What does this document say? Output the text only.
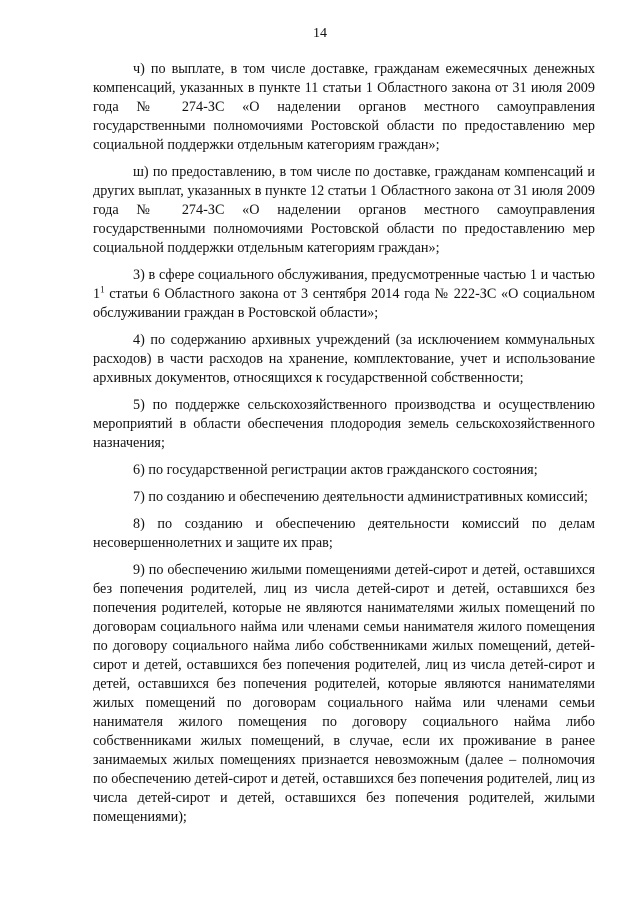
14

ч) по выплате, в том числе доставке, гражданам ежемесячных денежных компенсаций, указанных в пункте 11 статьи 1 Областного закона от 31 июля 2009 года № 274-ЗС «О наделении органов местного самоуправления государственными полномочиями Ростовской области по предоставлению мер социальной поддержки отдельным категориям граждан»;

ш) по предоставлению, в том числе по доставке, гражданам компенсаций и других выплат, указанных в пункте 12 статьи 1 Областного закона от 31 июля 2009 года № 274-ЗС «О наделении органов местного самоуправления государственными полномочиями Ростовской области по предоставлению мер социальной поддержки отдельным категориям граждан»;

3) в сфере социального обслуживания, предусмотренные частью 1 и частью $1^1$ статьи 6 Областного закона от 3 сентября 2014 года № 222-ЗС «О социальном обслуживании граждан в Ростовской области»;

4) по содержанию архивных учреждений (за исключением коммунальных расходов) в части расходов на хранение, комплектование, учет и использование архивных документов, относящихся к государственной собственности;

5) по поддержке сельскохозяйственного производства и осуществлению мероприятий в области обеспечения плодородия земель сельскохозяйственного назначения;

6) по государственной регистрации актов гражданского состояния;

7) по созданию и обеспечению деятельности административных комиссий;

8) по созданию и обеспечению деятельности комиссий по делам несовершеннолетних и защите их прав;

9) по обеспечению жилыми помещениями детей-сирот и детей, оставшихся без попечения родителей, лиц из числа детей-сирот и детей, оставшихся без попечения родителей, которые не являются нанимателями жилых помещений по договорам социального найма или членами семьи нанимателя жилого помещения по договору социального найма либо собственниками жилых помещений, детей-сирот и детей, оставшихся без попечения родителей, лиц из числа детей-сирот и детей, оставшихся без попечения родителей, которые являются нанимателями жилых помещений по договорам социального найма или членами семьи нанимателя жилого помещения по договору социального найма либо собственниками жилых помещений, в случае, если их проживание в ранее занимаемых жилых помещениях признается невозможным (далее – полномочия по обеспечению детей-сирот и детей, оставшихся без попечения родителей, лиц из числа детей-сирот и детей, оставшихся без попечения родителей, жилыми помещениями);
